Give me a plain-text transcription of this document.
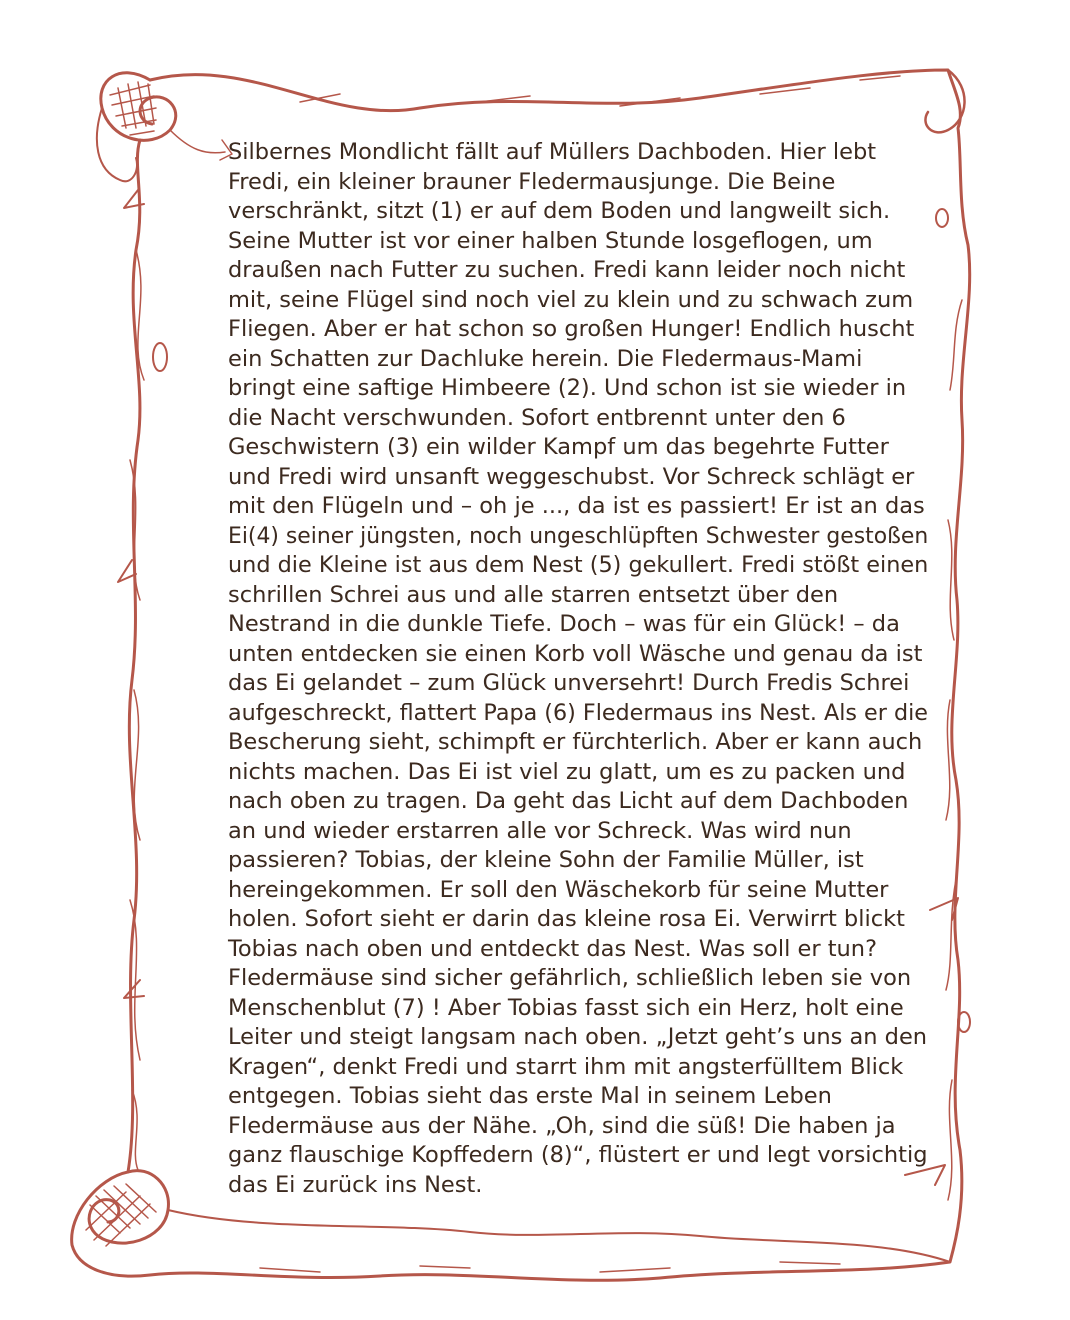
Silbernes Mondlicht fällt auf Müllers Dachboden. Hier lebt
Fredi, ein kleiner brauner Fledermausjunge. Die Beine
verschränkt, sitzt (1) er auf dem Boden und langweilt sich.
Seine Mutter ist vor einer halben Stunde losgeflogen, um
draußen nach Futter zu suchen. Fredi kann leider noch nicht
mit, seine Flügel sind noch viel zu klein und zu schwach zum
Fliegen. Aber er hat schon so großen Hunger! Endlich huscht
ein Schatten zur Dachluke herein. Die Fledermaus-Mami
bringt eine saftige Himbeere (2). Und schon ist sie wieder in
die Nacht verschwunden. Sofort entbrennt unter den 6
Geschwistern (3) ein wilder Kampf um das begehrte Futter
und Fredi wird unsanft weggeschubst. Vor Schreck schlägt er
mit den Flügeln und – oh je ..., da ist es passiert! Er ist an das
Ei(4) seiner jüngsten, noch ungeschlüpften Schwester gestoßen
und die Kleine ist aus dem Nest (5) gekullert. Fredi stößt einen
schrillen Schrei aus und alle starren entsetzt über den
Nestrand in die dunkle Tiefe. Doch – was für ein Glück! – da
unten entdecken sie einen Korb voll Wäsche und genau da ist
das Ei gelandet – zum Glück unversehrt! Durch Fredis Schrei
aufgeschreckt, flattert Papa (6) Fledermaus ins Nest. Als er die
Bescherung sieht, schimpft er fürchterlich. Aber er kann auch
nichts machen. Das Ei ist viel zu glatt, um es zu packen und
nach oben zu tragen. Da geht das Licht auf dem Dachboden
an und wieder erstarren alle vor Schreck. Was wird nun
passieren? Tobias, der kleine Sohn der Familie Müller, ist
hereingekommen. Er soll den Wäschekorb für seine Mutter
holen. Sofort sieht er darin das kleine rosa Ei. Verwirrt blickt
Tobias nach oben und entdeckt das Nest. Was soll er tun?
Fledermäuse sind sicher gefährlich, schließlich leben sie von
Menschenblut (7) ! Aber Tobias fasst sich ein Herz, holt eine
Leiter und steigt langsam nach oben. „Jetzt geht’s uns an den
Kragen“, denkt Fredi und starrt ihm mit angsterfülltem Blick
entgegen. Tobias sieht das erste Mal in seinem Leben
Fledermäuse aus der Nähe. „Oh, sind die süß! Die haben ja
ganz flauschige Kopffedern (8)“, flüstert er und legt vorsichtig
das Ei zurück ins Nest.
